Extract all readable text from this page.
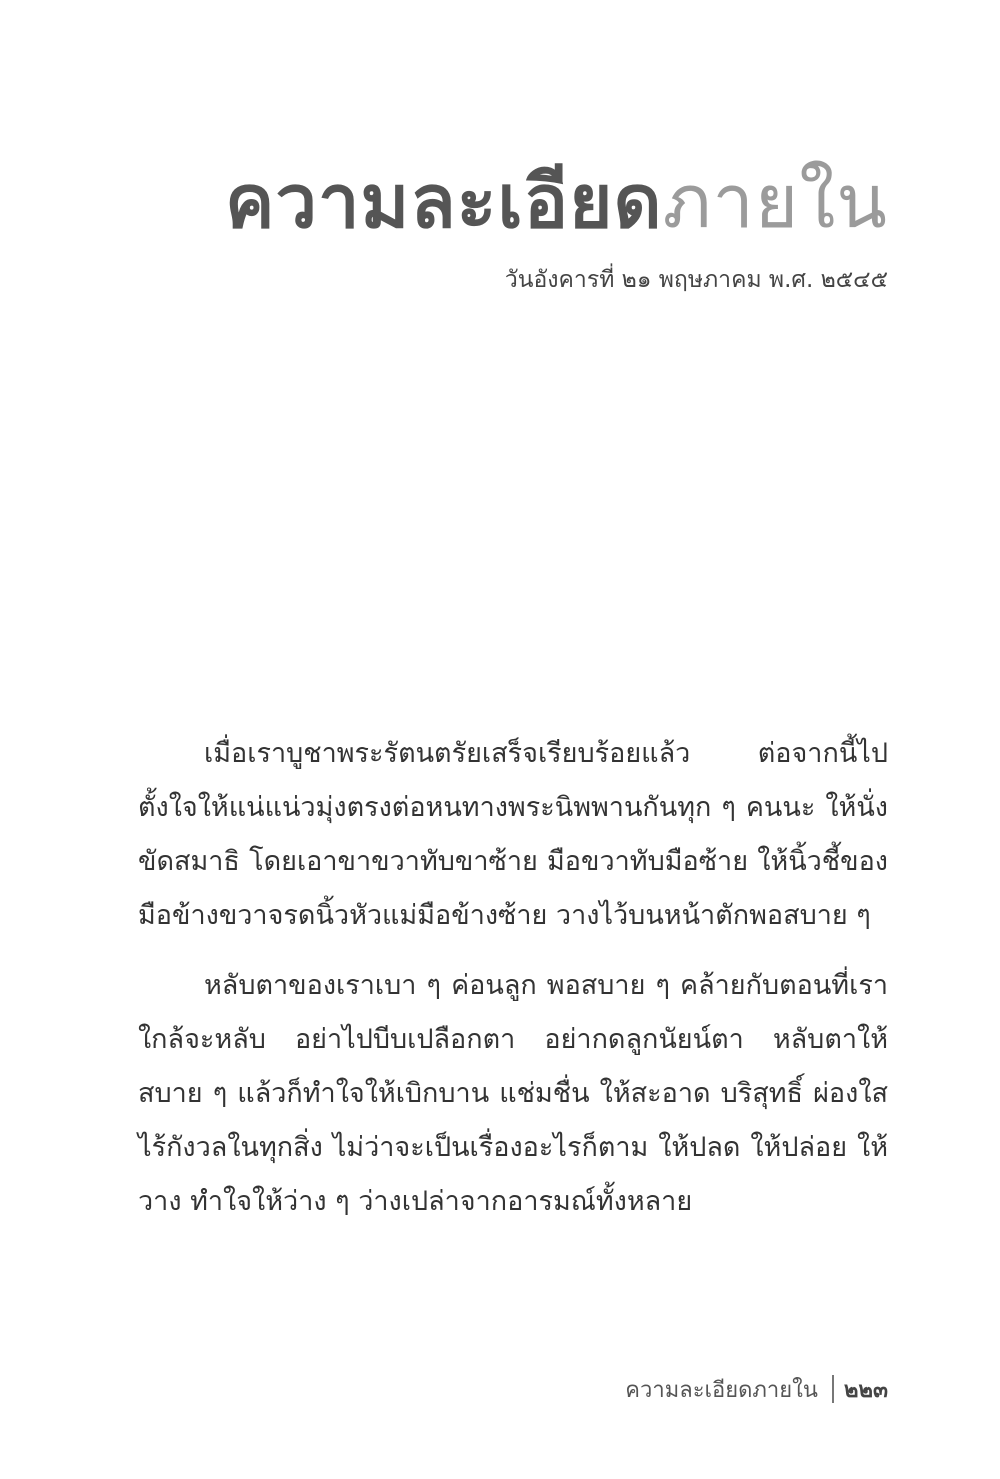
ความละเอียดภายใน
วันอังคารที่ ๒๑ พฤษภาคม พ.ศ. ๒๕๔๕

เมื่อเราบูชาพระรัตนตรัยเสร็จเรียบร้อยแล้ว ต่อจากนี้ไป ตั้งใจให้แน่แน่วมุ่งตรงต่อหนทางพระนิพพานกันทุก ๆ คนนะ ให้นั่งขัดสมาธิ โดยเอาขาขวาทับขาซ้าย มือขวาทับมือซ้าย ให้นิ้วชี้ของมือข้างขวาจรดนิ้วหัวแม่มือข้างซ้าย วางไว้บนหน้าตักพอสบาย ๆ

หลับตาของเราเบา ๆ ค่อนลูก พอสบาย ๆ คล้ายกับตอนที่เราใกล้จะหลับ อย่าไปบีบเปลือกตา อย่ากดลูกนัยน์ตา หลับตาให้สบาย ๆ แล้วก็ทำใจให้เบิกบาน แช่มชื่น ให้สะอาด บริสุทธิ์ ผ่องใส ไร้กังวลในทุกสิ่ง ไม่ว่าจะเป็นเรื่องอะไรก็ตาม ให้ปลด ให้ปล่อย ให้วาง ทำใจให้ว่าง ๆ ว่างเปล่าจากอารมณ์ทั้งหลาย

ความละเอียดภายใน ๒๒๓
